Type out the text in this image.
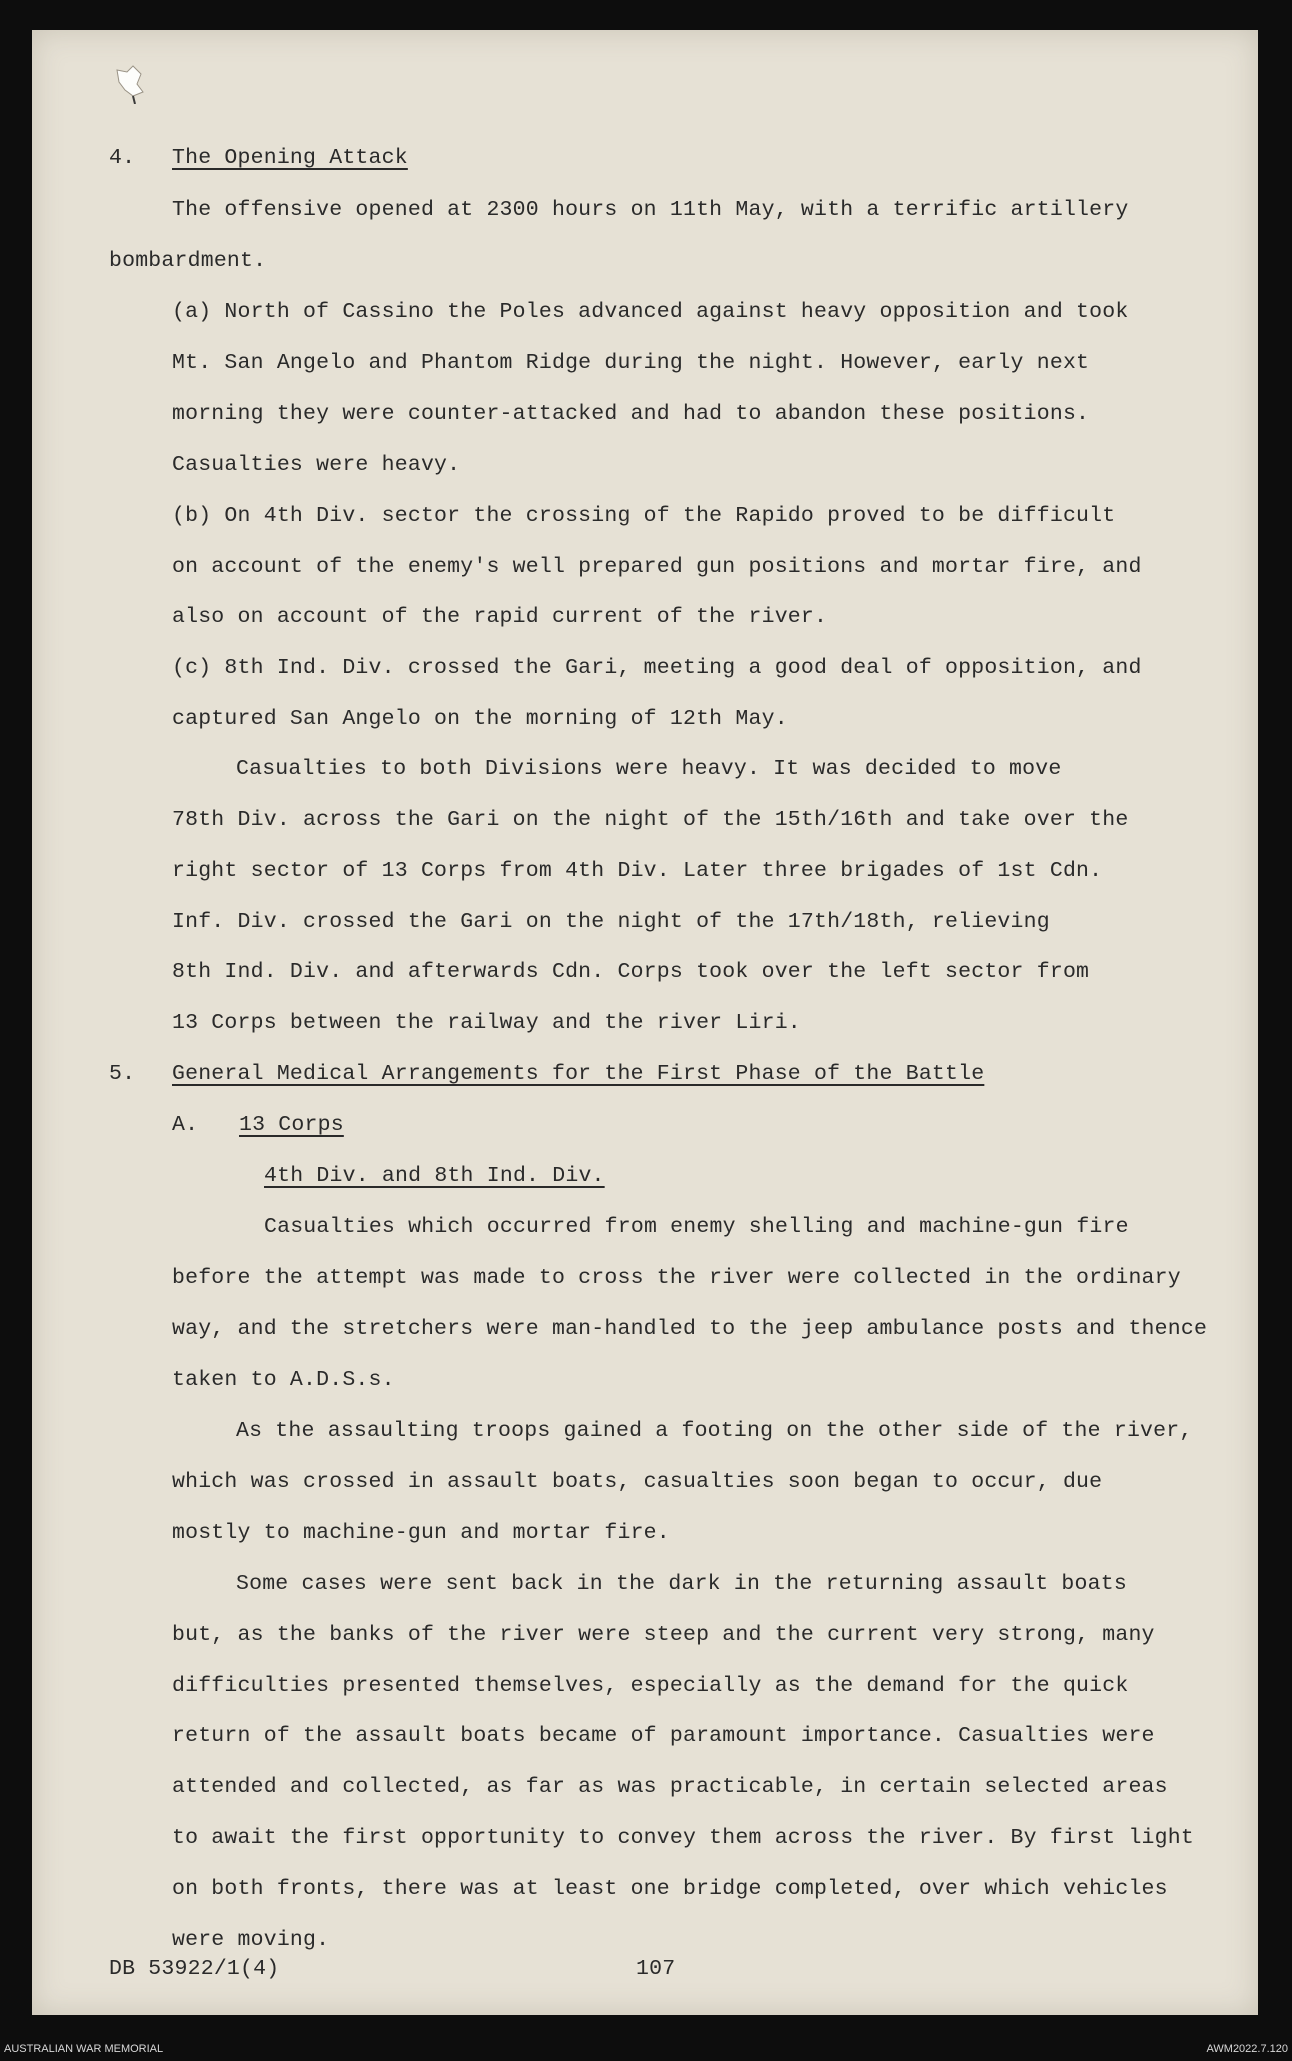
4. The Opening Attack
The offensive opened at 2300 hours on 11th May, with a terrific artillery
bombardment.
(a) North of Cassino the Poles advanced against heavy opposition and took
Mt. San Angelo and Phantom Ridge during the night. However, early next
morning they were counter-attacked and had to abandon these positions.
Casualties were heavy.
(b) On 4th Div. sector the crossing of the Rapido proved to be difficult
on account of the enemy's well prepared gun positions and mortar fire, and
also on account of the rapid current of the river.
(c) 8th Ind. Div. crossed the Gari, meeting a good deal of opposition, and
captured San Angelo on the morning of 12th May.
Casualties to both Divisions were heavy. It was decided to move
78th Div. across the Gari on the night of the 15th/16th and take over the
right sector of 13 Corps from 4th Div. Later three brigades of 1st Cdn.
Inf. Div. crossed the Gari on the night of the 17th/18th, relieving
8th Ind. Div. and afterwards Cdn. Corps took over the left sector from
13 Corps between the railway and the river Liri.
5. General Medical Arrangements for the First Phase of the Battle
A. 13 Corps
4th Div. and 8th Ind. Div.
Casualties which occurred from enemy shelling and machine-gun fire
before the attempt was made to cross the river were collected in the ordinary
way, and the stretchers were man-handled to the jeep ambulance posts and thence
taken to A.D.S.s.
As the assaulting troops gained a footing on the other side of the river,
which was crossed in assault boats, casualties soon began to occur, due
mostly to machine-gun and mortar fire.
Some cases were sent back in the dark in the returning assault boats
but, as the banks of the river were steep and the current very strong, many
difficulties presented themselves, especially as the demand for the quick
return of the assault boats became of paramount importance. Casualties were
attended and collected, as far as was practicable, in certain selected areas
to await the first opportunity to convey them across the river. By first light
on both fronts, there was at least one bridge completed, over which vehicles
were moving.
DB 53922/1(4)	107
AUSTRALIAN WAR MEMORIAL	AWM2022.7.120
